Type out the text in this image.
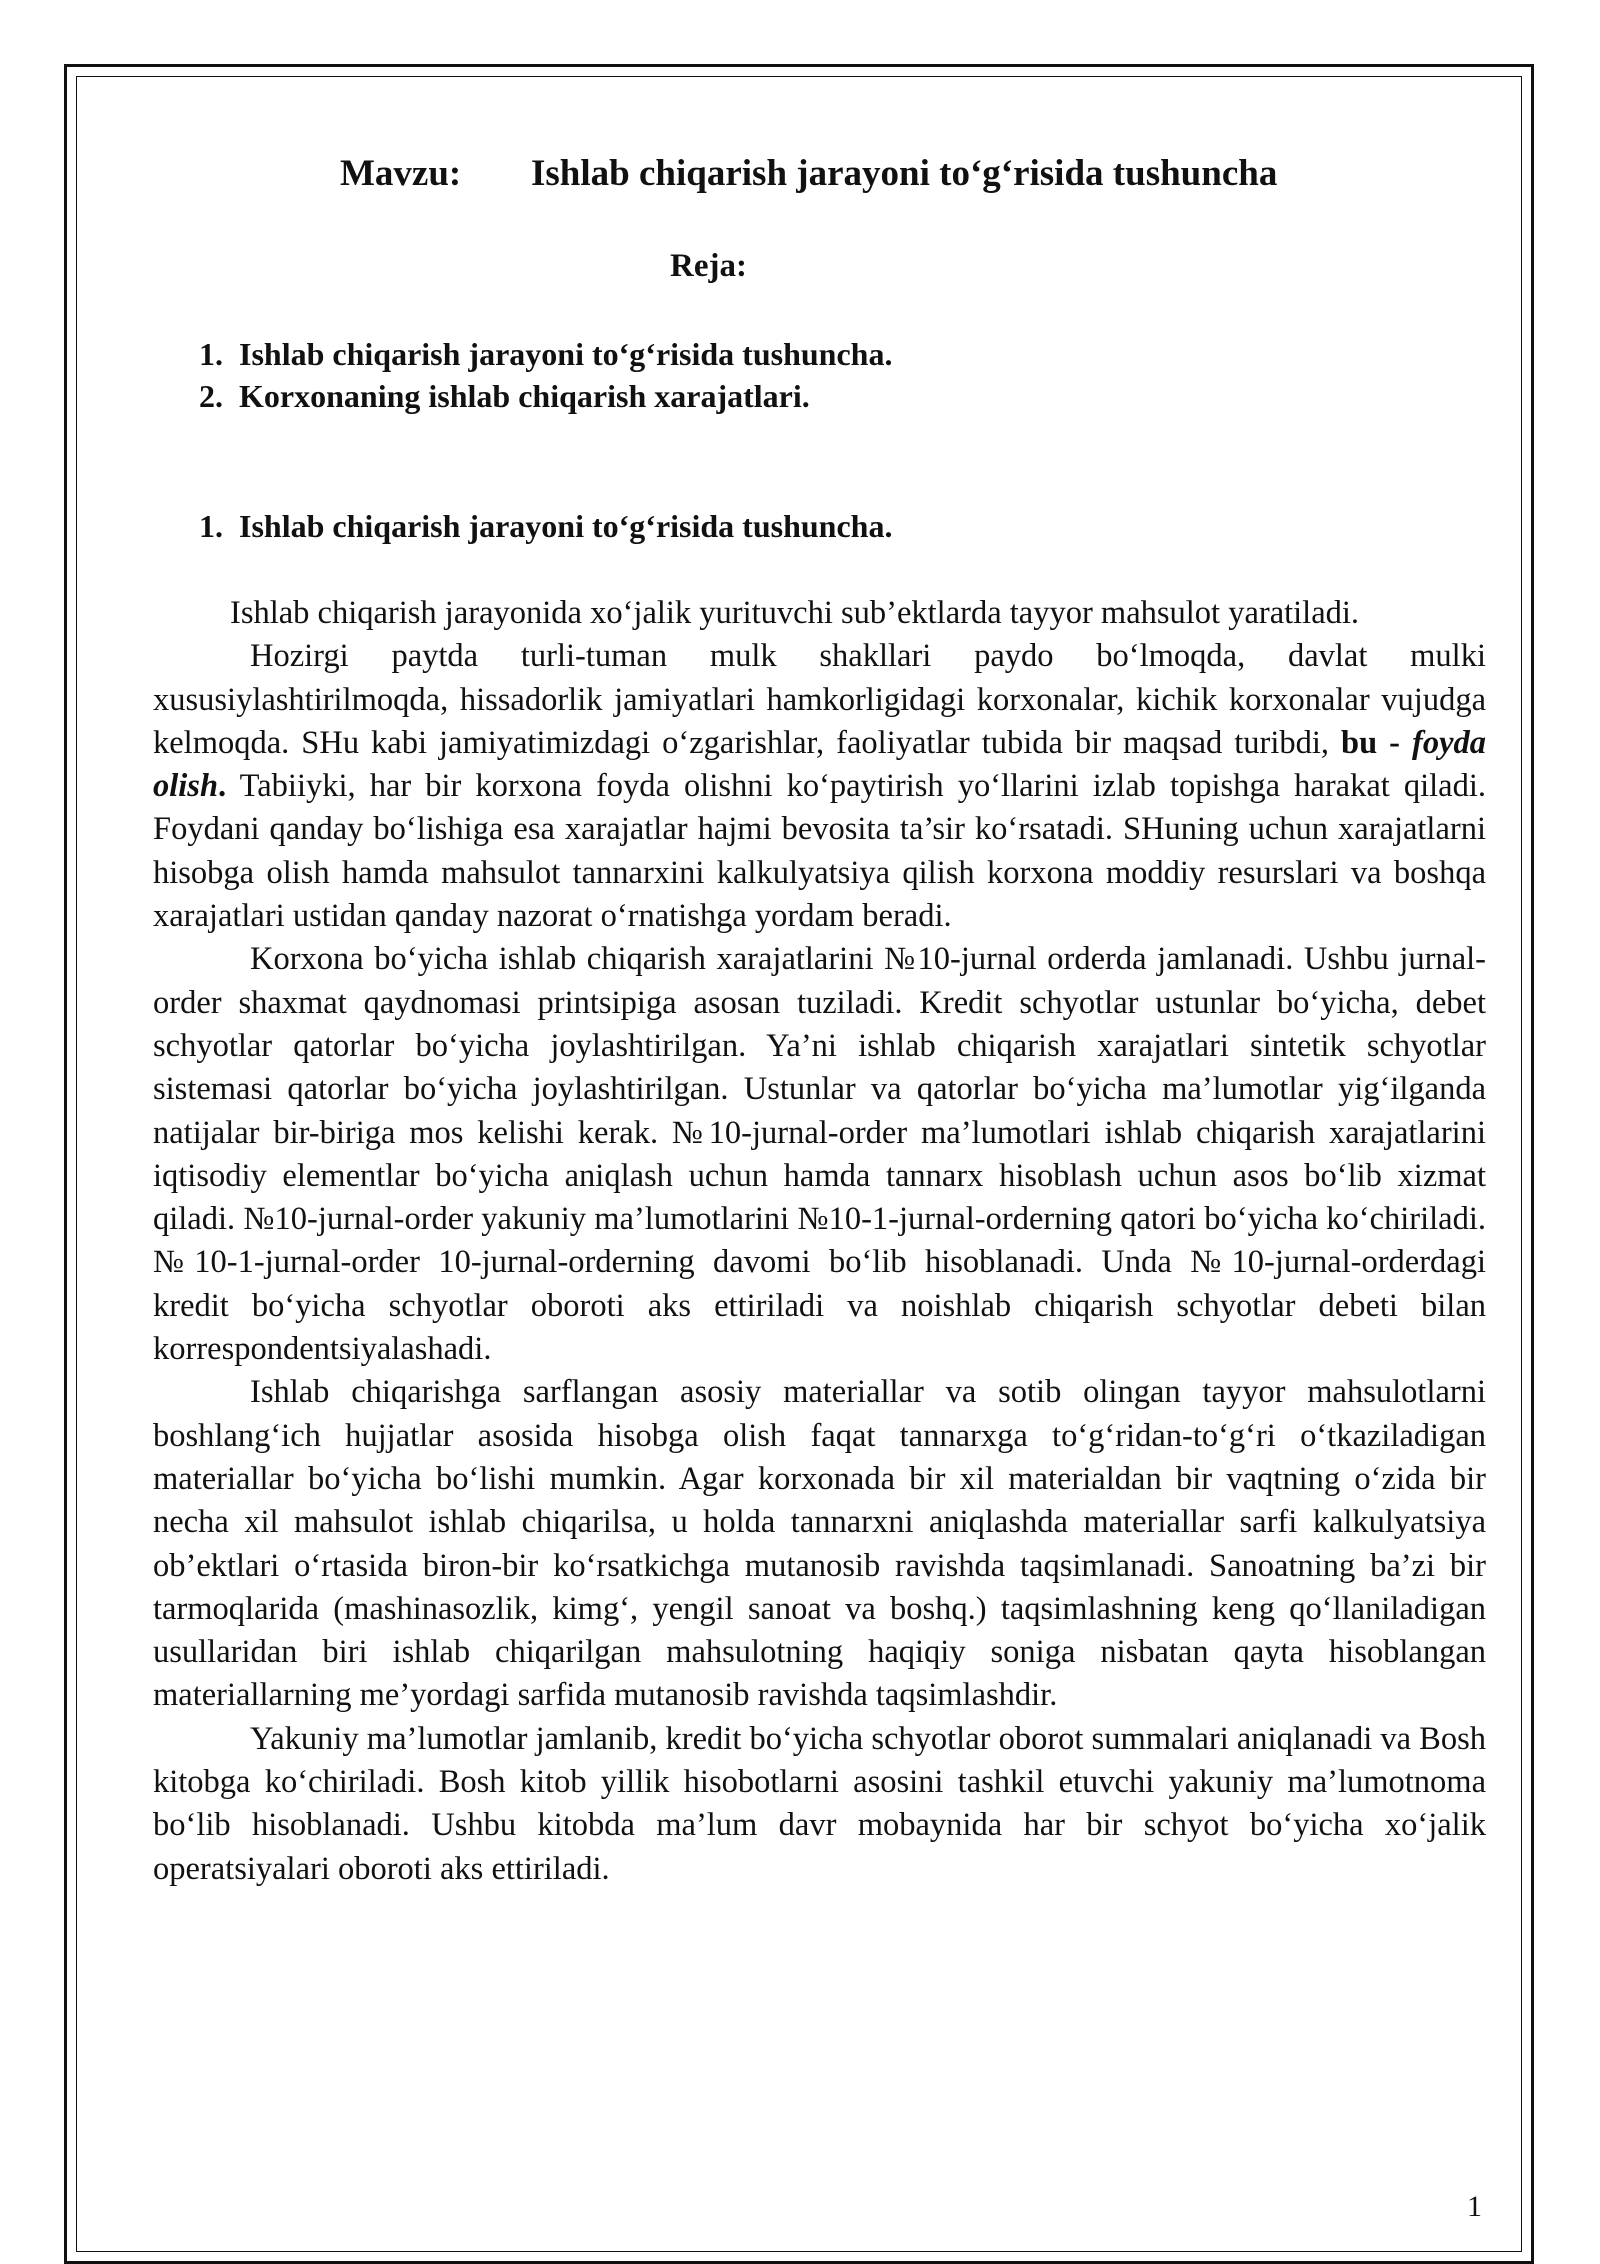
Mavzu: Ishlab chiqarish jarayoni to‘g‘risida tushuncha
Reja:
1. Ishlab chiqarish jarayoni to‘g‘risida tushuncha.
2. Korxonaning ishlab chiqarish xarajatlari.
1. Ishlab chiqarish jarayoni to‘g‘risida tushuncha.

Ishlab chiqarish jarayonida xo‘jalik yurituvchi sub’ektlarda tayyor mahsulot yaratiladi.

Hozirgi paytda turli-tuman mulk shakllari paydo bo‘lmoqda, davlat mulki xususiylashtirilmoqda, hissadorlik jamiyatlari hamkorligidagi korxonalar, kichik korxonalar vujudga kelmoqda. SHu kabi jamiyatimizdagi o‘zgarishlar, faoliyatlar tubida bir maqsad turibdi, bu - foyda olish. Tabiiyki, har bir korxona foyda olishni ko‘paytirish yo‘llarini izlab topishga harakat qiladi. Foydani qanday bo‘lishiga esa xarajatlar hajmi bevosita ta’sir ko‘rsatadi. SHuning uchun xarajatlarni hisobga olish hamda mahsulot tannarxini kalkulyatsiya qilish korxona moddiy resurslari va boshqa xarajatlari ustidan qanday nazorat o‘rnatishga yordam beradi.

Korxona bo‘yicha ishlab chiqarish xarajatlarini №10-jurnal orderda jamlanadi. Ushbu jurnal-order shaxmat qaydnomasi printsipiga asosan tuziladi. Kredit schyotlar ustunlar bo‘yicha, debet schyotlar qatorlar bo‘yicha joylashtirilgan. Ya’ni ishlab chiqarish xarajatlari sintetik schyotlar sistemasi qatorlar bo‘yicha joylashtirilgan. Ustunlar va qatorlar bo‘yicha ma’lumotlar yig‘ilganda natijalar bir-biriga mos kelishi kerak. №10-jurnal-order ma’lumotlari ishlab chiqarish xarajatlarini iqtisodiy elementlar bo‘yicha aniqlash uchun hamda tannarx hisoblash uchun asos bo‘lib xizmat qiladi. №10-jurnal-order yakuniy ma’lumotlarini №10-1-jurnal-orderning qatori bo‘yicha ko‘chiriladi. №10-1-jurnal-order 10-jurnal-orderning davomi bo‘lib hisoblanadi. Unda №10-jurnal-orderdagi kredit bo‘yicha schyotlar oboroti aks ettiriladi va noishlab chiqarish schyotlar debeti bilan korrespondentsiyalashadi.

Ishlab chiqarishga sarflangan asosiy materiallar va sotib olingan tayyor mahsulotlarni boshlang‘ich hujjatlar asosida hisobga olish faqat tannarxga to‘g‘ridan-to‘g‘ri o‘tkaziladigan materiallar bo‘yicha bo‘lishi mumkin. Agar korxonada bir xil materialdan bir vaqtning o‘zida bir necha xil mahsulot ishlab chiqarilsa, u holda tannarxni aniqlashda materiallar sarfi kalkulyatsiya ob’ektlari o‘rtasida biron-bir ko‘rsatkichga mutanosib ravishda taqsimlanadi. Sanoatning ba’zi bir tarmoqlarida (mashinasozlik, kimg‘, yengil sanoat va boshq.) taqsimlashning keng qo‘llaniladigan usullaridan biri ishlab chiqarilgan mahsulotning haqiqiy soniga nisbatan qayta hisoblangan materiallarning me’yordagi sarfida mutanosib ravishda taqsimlashdir.

Yakuniy ma’lumotlar jamlanib, kredit bo‘yicha schyotlar oborot summalari aniqlanadi va Bosh kitobga ko‘chiriladi. Bosh kitob yillik hisobotlarni asosini tashkil etuvchi yakuniy ma’lumotnoma bo‘lib hisoblanadi. Ushbu kitobda ma’lum davr mobaynida har bir schyot bo‘yicha xo‘jalik operatsiyalari oboroti aks ettiriladi.

1
